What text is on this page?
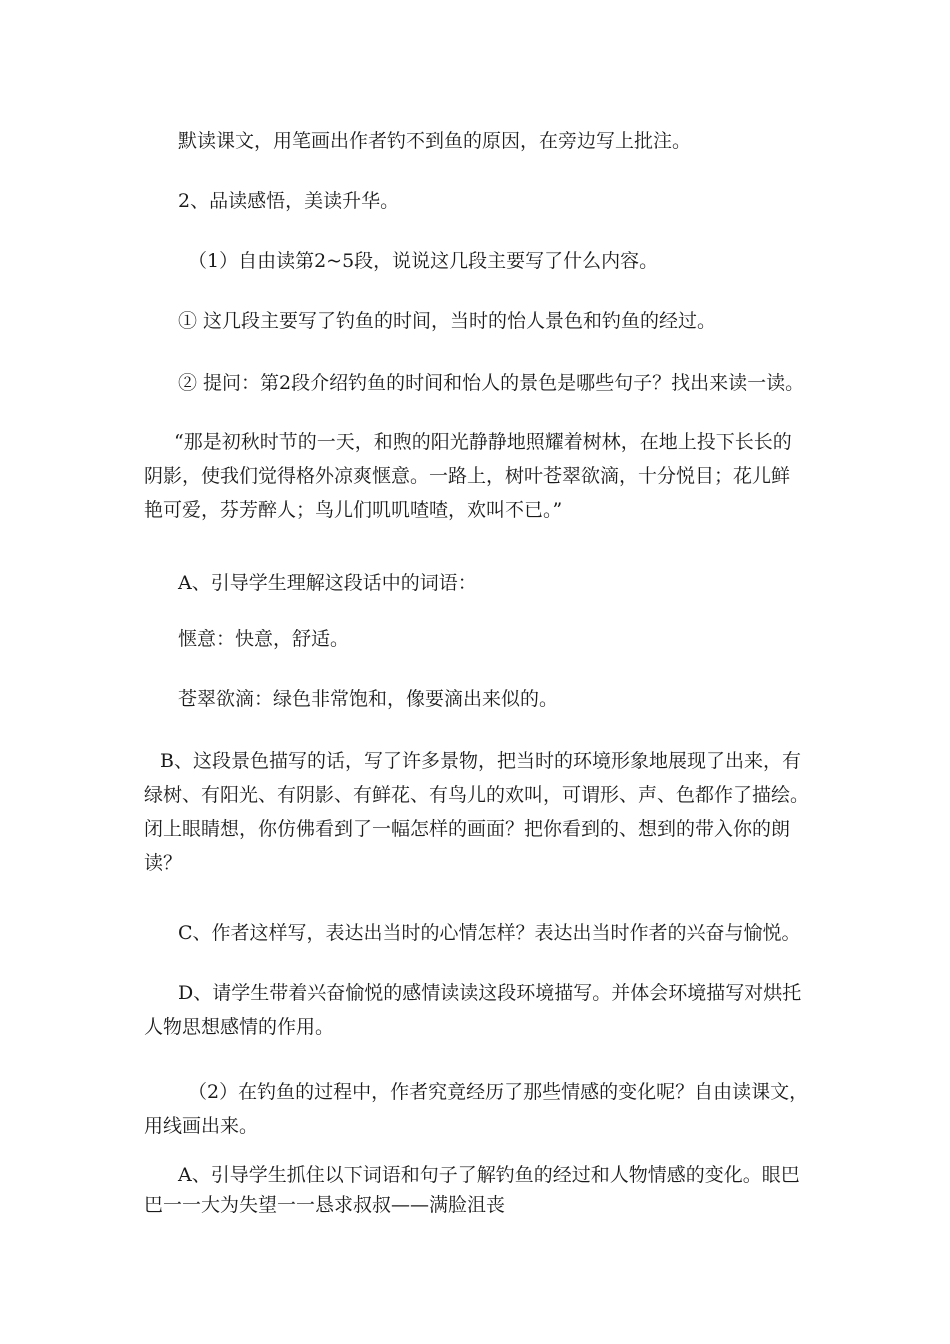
默读课文，用笔画出作者钓不到鱼的原因，在旁边写上批注。

2、品读感悟，美读升华。

（1）自由读第2~5段，说说这几段主要写了什么内容。

① 这几段主要写了钓鱼的时间，当时的怡人景色和钓鱼的经过。

② 提问：第2段介绍钓鱼的时间和怡人的景色是哪些句子？找出来读一读。

“那是初秋时节的一天，和煦的阳光静静地照耀着树林，在地上投下长长的
阴影，使我们觉得格外凉爽惬意。一路上，树叶苍翠欲滴，十分悦目；花儿鲜
艳可爱，芬芳醉人；鸟儿们叽叽喳喳，欢叫不已。”

A、引导学生理解这段话中的词语：

惬意：快意，舒适。

苍翠欲滴：绿色非常饱和，像要滴出来似的。

B、这段景色描写的话，写了许多景物，把当时的环境形象地展现了出来，有
绿树、有阳光、有阴影、有鲜花、有鸟儿的欢叫，可谓形、声、色都作了描绘。
闭上眼睛想，你仿佛看到了一幅怎样的画面？把你看到的、想到的带入你的朗
读？

C、作者这样写，表达出当时的心情怎样？表达出当时作者的兴奋与愉悦。

D、请学生带着兴奋愉悦的感情读读这段环境描写。并体会环境描写对烘托
人物思想感情的作用。
（2）在钓鱼的过程中，作者究竟经历了那些情感的变化呢？自由读课文，
用线画出来。
A、引导学生抓住以下词语和句子了解钓鱼的经过和人物情感的变化。眼巴
巴一一大为失望一一恳求叔叔——满脸沮丧
